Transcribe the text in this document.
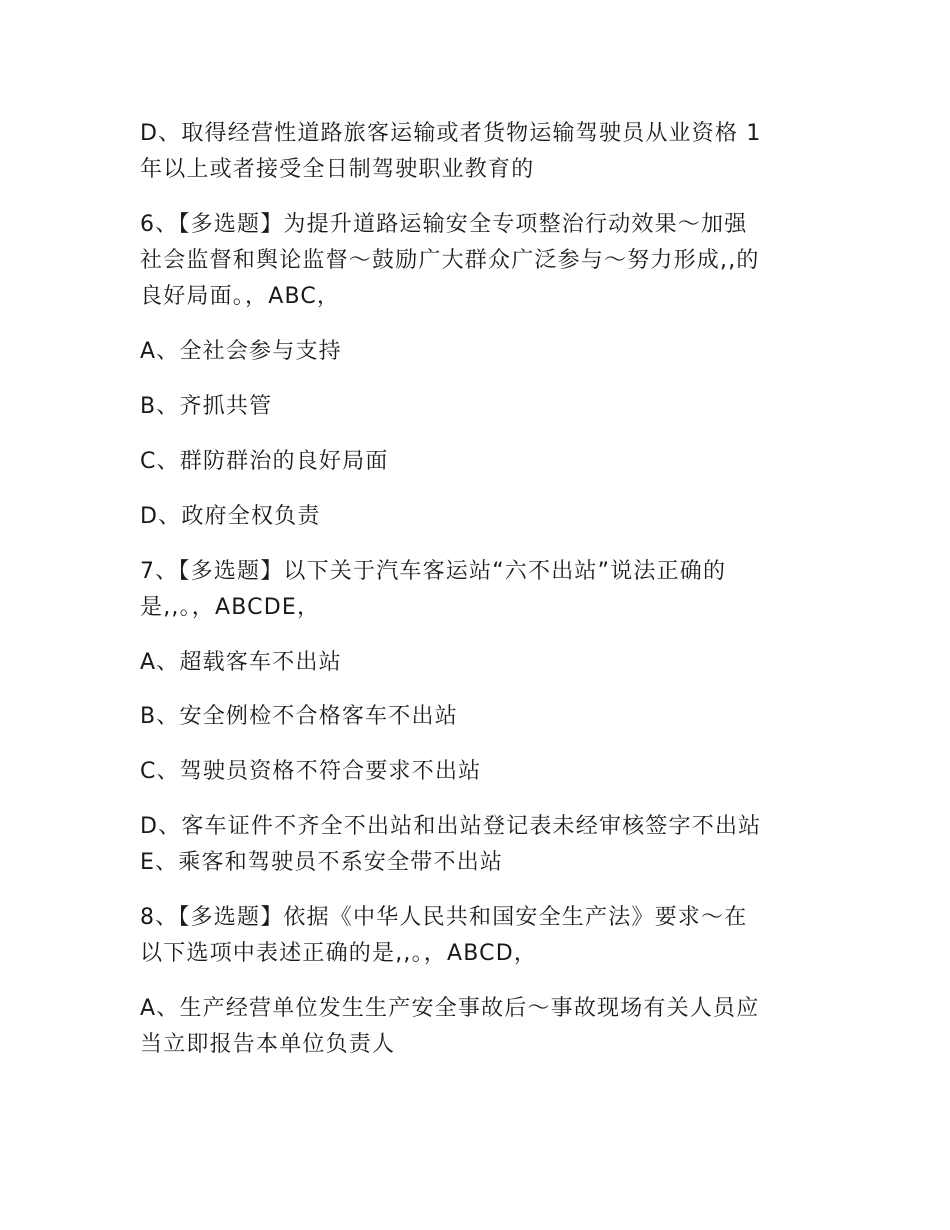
D、取得经营性道路旅客运输或者货物运输驾驶员从业资格 1
年以上或者接受全日制驾驶职业教育的
6、【多选题】为提升道路运输安全专项整治行动效果～加强
社会监督和舆论监督～鼓励广大群众广泛参与～努力形成,,的
良好局面。，ABC，
A、全社会参与支持
B、齐抓共管
C、群防群治的良好局面
D、政府全权负责
7、【多选题】以下关于汽车客运站“六不出站”说法正确的
是,,。，ABCDE，
A、超载客车不出站
B、安全例检不合格客车不出站
C、驾驶员资格不符合要求不出站
D、客车证件不齐全不出站和出站登记表未经审核签字不出站
E、乘客和驾驶员不系安全带不出站
8、【多选题】依据《中华人民共和国安全生产法》要求～在
以下选项中表述正确的是,,。，ABCD，
A、生产经营单位发生生产安全事故后～事故现场有关人员应
当立即报告本单位负责人
